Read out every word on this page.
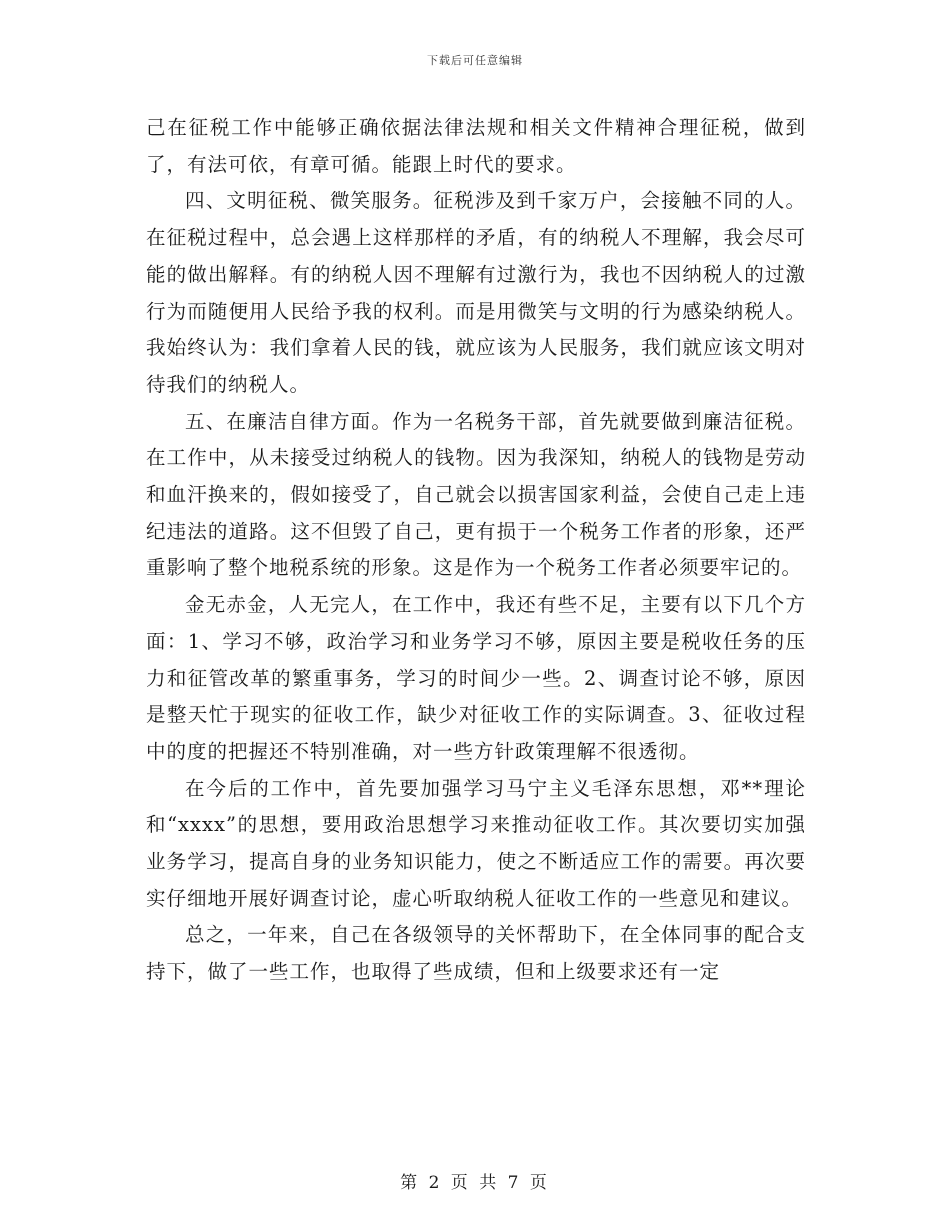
下载后可任意编辑

己在征税工作中能够正确依据法律法规和相关文件精神合理征税，做到了，有法可依，有章可循。能跟上时代的要求。

四、文明征税、微笑服务。征税涉及到千家万户，会接触不同的人。在征税过程中，总会遇上这样那样的矛盾，有的纳税人不理解，我会尽可能的做出解释。有的纳税人因不理解有过激行为，我也不因纳税人的过激行为而随便用人民给予我的权利。而是用微笑与文明的行为感染纳税人。我始终认为：我们拿着人民的钱，就应该为人民服务，我们就应该文明对待我们的纳税人。

五、在廉洁自律方面。作为一名税务干部，首先就要做到廉洁征税。在工作中，从未接受过纳税人的钱物。因为我深知，纳税人的钱物是劳动和血汗换来的，假如接受了，自己就会以损害国家利益，会使自己走上违纪违法的道路。这不但毁了自己，更有损于一个税务工作者的形象，还严重影响了整个地税系统的形象。这是作为一个税务工作者必须要牢记的。

金无赤金，人无完人，在工作中，我还有些不足，主要有以下几个方面：1、学习不够，政治学习和业务学习不够，原因主要是税收任务的压力和征管改革的繁重事务，学习的时间少一些。2、调查讨论不够，原因是整天忙于现实的征收工作，缺少对征收工作的实际调查。3、征收过程中的度的把握还不特别准确，对一些方针政策理解不很透彻。

在今后的工作中，首先要加强学习马宁主义毛泽东思想，邓**理论和“xxxx”的思想，要用政治思想学习来推动征收工作。其次要切实加强业务学习，提高自身的业务知识能力，使之不断适应工作的需要。再次要实仔细地开展好调查讨论，虚心听取纳税人征收工作的一些意见和建议。

总之，一年来，自己在各级领导的关怀帮助下，在全体同事的配合支持下，做了一些工作，也取得了些成绩，但和上级要求还有一定

第 2 页 共 7 页
